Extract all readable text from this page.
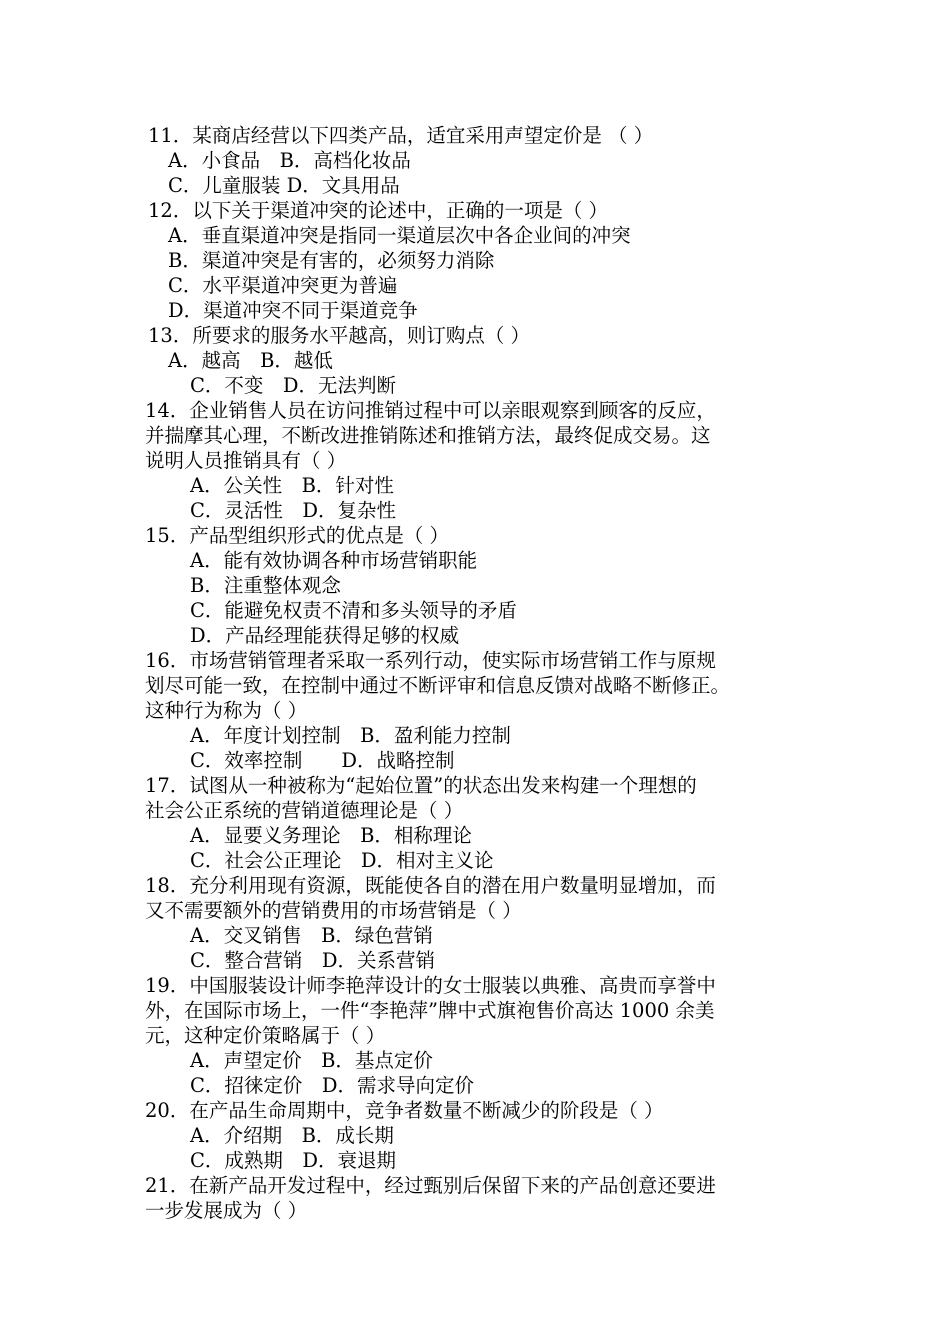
11．某商店经营以下四类产品，适宜采用声望定价是 （ ）
A．小食品　B．高档化妆品
C．儿童服装 D．文具用品
12．以下关于渠道冲突的论述中，正确的一项是（ ）
A．垂直渠道冲突是指同一渠道层次中各企业间的冲突
B．渠道冲突是有害的，必须努力消除
C．水平渠道冲突更为普遍
D．渠道冲突不同于渠道竞争
13．所要求的服务水平越高，则订购点（ ）
A．越高　B．越低
C．不变　D．无法判断
14．企业销售人员在访问推销过程中可以亲眼观察到顾客的反应，
并揣摩其心理，不断改进推销陈述和推销方法，最终促成交易。这
说明人员推销具有（ ）
A．公关性　B．针对性
C．灵活性　D．复杂性
15．产品型组织形式的优点是（ ）
A．能有效协调各种市场营销职能
B．注重整体观念
C．能避免权责不清和多头领导的矛盾
D．产品经理能获得足够的权威
16．市场营销管理者采取一系列行动，使实际市场营销工作与原规
划尽可能一致，在控制中通过不断评审和信息反馈对战略不断修正。
这种行为称为（ ）
A．年度计划控制　B．盈利能力控制
C．效率控制　　D．战略控制
17．试图从一种被称为“起始位置”的状态出发来构建一个理想的
社会公正系统的营销道德理论是（ ）
A．显要义务理论　B．相称理论
C．社会公正理论　D．相对主义论
18．充分利用现有资源，既能使各自的潜在用户数量明显增加，而
又不需要额外的营销费用的市场营销是（ ）
A．交叉销售　B．绿色营销
C．整合营销　D．关系营销
19．中国服装设计师李艳萍设计的女士服装以典雅、高贵而享誉中
外，在国际市场上，一件“李艳萍”牌中式旗袍售价高达 1000 余美
元，这种定价策略属于（ ）
A．声望定价　B．基点定价
C．招徕定价　D．需求导向定价
20．在产品生命周期中，竞争者数量不断减少的阶段是（ ）
A．介绍期　B．成长期
C．成熟期　D．衰退期
21．在新产品开发过程中，经过甄别后保留下来的产品创意还要进
一步发展成为（ ）
